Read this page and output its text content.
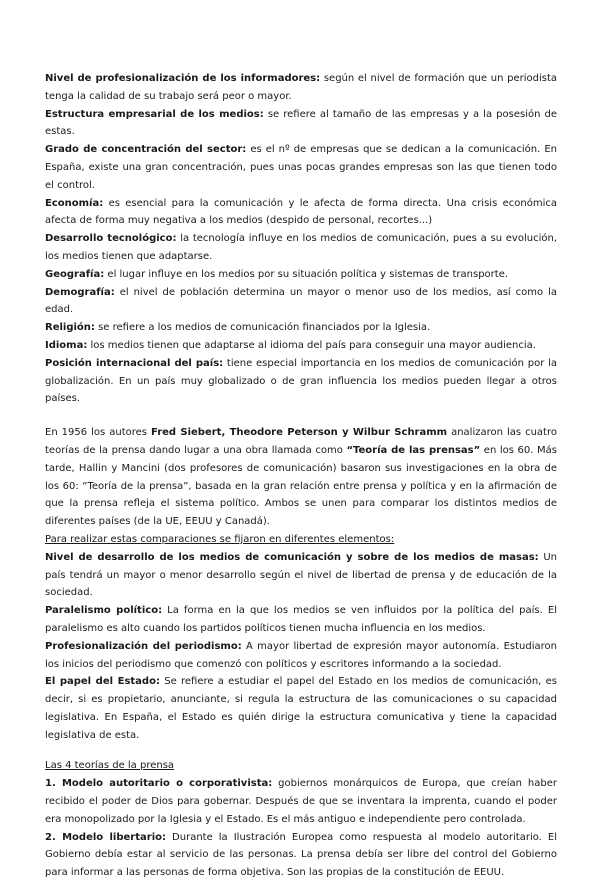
Nivel de profesionalización de los informadores: según el nivel de formación que un periodista tenga la calidad de su trabajo será peor o mayor.

Estructura empresarial de los medios: se refiere al tamaño de las empresas y a la posesión de estas.

Grado de concentración del sector: es el nº de empresas que se dedican a la comunicación. En España, existe una gran concentración, pues unas pocas grandes empresas son las que tienen todo el control.

Economía: es esencial para la comunicación y le afecta de forma directa. Una crisis económica afecta de forma muy negativa a los medios (despido de personal, recortes...)

Desarrollo tecnológico: la tecnología influye en los medios de comunicación, pues a su evolución, los medios tienen que adaptarse.

Geografía: el lugar influye en los medios por su situación política y sistemas de transporte.

Demografía: el nivel de población determina un mayor o menor uso de los medios, así como la edad.

Religión: se refiere a los medios de comunicación financiados por la Iglesia.

Idioma: los medios tienen que adaptarse al idioma del país para conseguir una mayor audiencia.

Posición internacional del país: tiene especial importancia en los medios de comunicación por la globalización. En un país muy globalizado o de gran influencia los medios pueden llegar a otros países.

En 1956 los autores Fred Siebert, Theodore Peterson y Wilbur Schramm analizaron las cuatro teorías de la prensa dando lugar a una obra llamada como “Teoría de las prensas” en los 60. Más tarde, Hallin y Mancini (dos profesores de comunicación) basaron sus investigaciones en la obra de los 60: “Teoría de la prensa”, basada en la gran relación entre prensa y política y en la afirmación de que la prensa refleja el sistema político. Ambos se unen para comparar los distintos medios de diferentes países (de la UE, EEUU y Canadá).

Para realizar estas comparaciones se fijaron en diferentes elementos:

Nivel de desarrollo de los medios de comunicación y sobre de los medios de masas: Un país tendrá un mayor o menor desarrollo según el nivel de libertad de prensa y de educación de la sociedad.

Paralelismo político: La forma en la que los medios se ven influidos por la política del país. El paralelismo es alto cuando los partidos políticos tienen mucha influencia en los medios.

Profesionalización del periodismo: A mayor libertad de expresión mayor autonomía. Estudiaron los inicios del periodismo que comenzó con políticos y escritores informando a la sociedad.

El papel del Estado: Se refiere a estudiar el papel del Estado en los medios de comunicación, es decir, si es propietario, anunciante, si regula la estructura de las comunicaciones o su capacidad legislativa. En España, el Estado es quién dirige la estructura comunicativa y tiene la capacidad legislativa de esta.

Las 4 teorías de la prensa

1. Modelo autoritario o corporativista: gobiernos monárquicos de Europa, que creían haber recibido el poder de Dios para gobernar. Después de que se inventara la imprenta, cuando el poder era monopolizado por la Iglesia y el Estado. Es el más antiguo e independiente pero controlada.

2. Modelo libertario: Durante la Ilustración Europea como respuesta al modelo autoritario. El Gobierno debía estar al servicio de las personas. La prensa debía ser libre del control del Gobierno para informar a las personas de forma objetiva. Son las propias de la constitución de EEUU.
